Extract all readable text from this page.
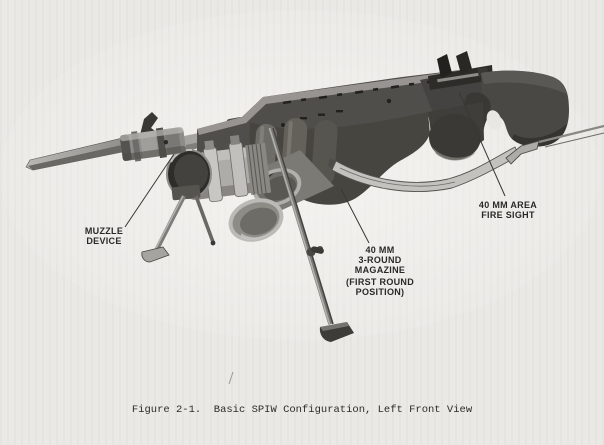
MUZZLE
DEVICE
40 MM
3-ROUND
MAGAZINE
(FIRST ROUND
POSITION)
40 MM AREA
FIRE SIGHT
Figure 2-1.  Basic SPIW Configuration, Left Front View
